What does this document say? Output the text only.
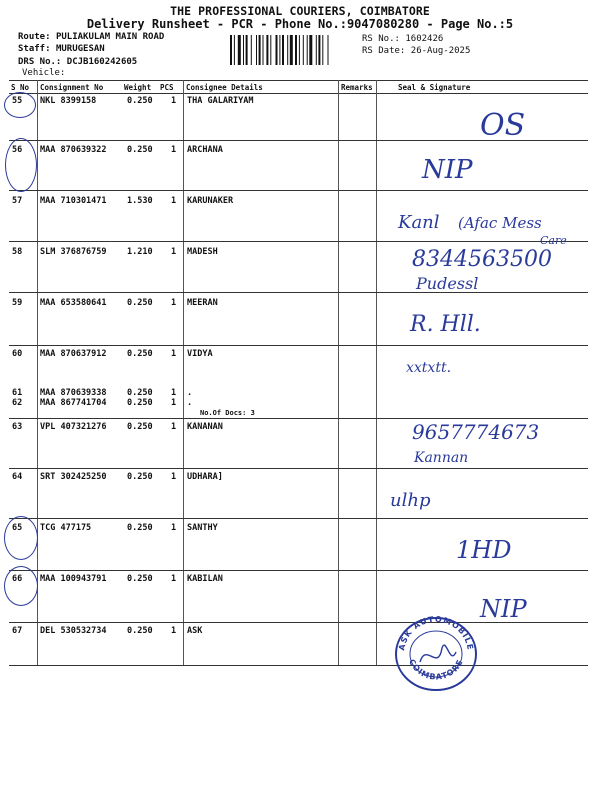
THE PROFESSIONAL COURIERS, COIMBATORE
Delivery Runsheet - PCR - Phone No.:9047080280 - Page No.:5
Route: PULIAKULAM MAIN ROAD
Staff: MURUGESAN
DRS No.: DCJB160242605
Vehicle:
RS No.: 1602426
RS Date: 26-Aug-2025
S No Consignment No	Weight PCS Consignee Details	Remarks	Seal & Signature
55 NKL 8399158	0.250 1 THA GALARIYAM
56 MAA 870639322 0.250 1 ARCHANA
57 MAA 710301471 1.530 1 KARUNAKER
58 SLM 376876759 1.210 1 MADESH
59 MAA 653580641 0.250 1 MEERAN
60 MAA 870637912 0.250 1 VIDYA
61 MAA 870639338 0.250 1 .
62 MAA 867741704 0.250 1 .
63 VPL 407321276 0.250 1 KANANAN
64 SRT 302425250 0.250 1 UDHARA]
65 TCG 477175	0.250 1 SANTHY
66 MAA 100943791 0.250 1 KABILAN
67 DEL 530532734 0.250 1 ASK
No.Of Docs: 3
OS
NIP
Kanl (Afac Mess
Care
8344563500
Pudessl
R. Hll.
xxtxtt.
9657774673
Kannan
ulhp
1HD
NIP
ASK AUTOMOBILE
COIMBATORE
